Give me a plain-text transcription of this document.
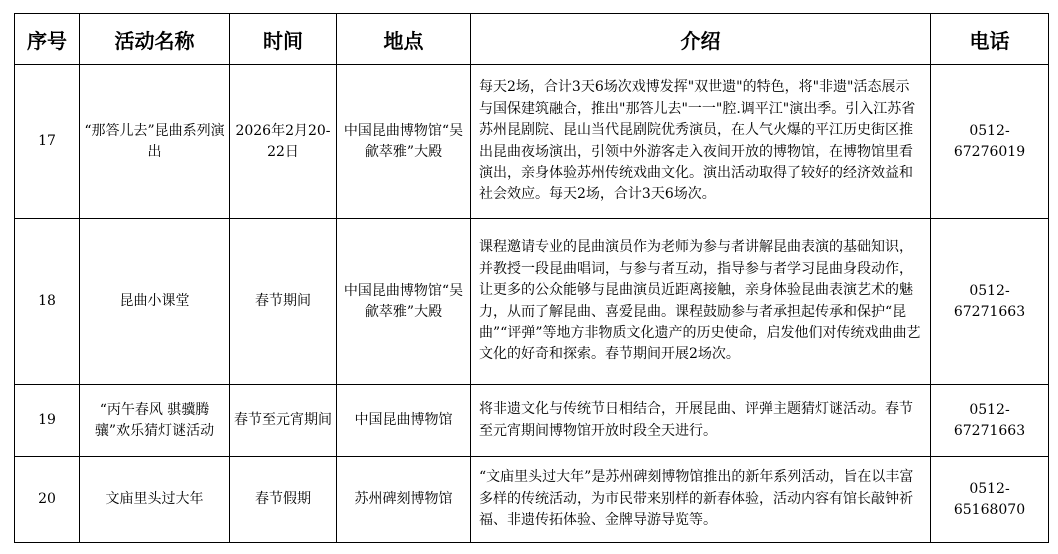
序号	活动名称	时间	地点	介绍	电话
17	“那答儿去”昆曲系列演出	2026年2月20-22日	中国昆曲博物馆“吴歈萃雅”大殿	每天2场，合计3天6场次戏博发挥"双世遗"的特色，将"非遗"活态展示与国保建筑融合，推出"那答儿去"一一"腔.调平江"演出季。引入江苏省苏州昆剧院、昆山当代昆剧院优秀演员，在人气火爆的平江历史街区推出昆曲夜场演出，引领中外游客走入夜间开放的博物馆，在博物馆里看演出，亲身体验苏州传统戏曲文化。演出活动取得了较好的经济效益和社会效应。每天2场，合计3天6场次。	0512-67276019
18	昆曲小课堂	春节期间	中国昆曲博物馆“吴歈萃雅”大殿	课程邀请专业的昆曲演员作为老师为参与者讲解昆曲表演的基础知识，并教授一段昆曲唱词，与参与者互动，指导参与者学习昆曲身段动作，让更多的公众能够与昆曲演员近距离接触，亲身体验昆曲表演艺术的魅力，从而了解昆曲、喜爱昆曲。课程鼓励参与者承担起传承和保护“昆曲”“评弹”等地方非物质文化遗产的历史使命，启发他们对传统戏曲曲艺文化的好奇和探索。春节期间开展2场次。	0512-67271663
19	“丙午春风 骐骥腾骧”欢乐猜灯谜活动	春节至元宵期间	中国昆曲博物馆	将非遗文化与传统节日相结合，开展昆曲、评弹主题猜灯谜活动。春节至元宵期间博物馆开放时段全天进行。	0512-67271663
20	文庙里头过大年	春节假期	苏州碑刻博物馆	“文庙里头过大年”是苏州碑刻博物馆推出的新年系列活动，旨在以丰富多样的传统活动，为市民带来别样的新春体验，活动内容有馆长敲钟祈福、非遗传拓体验、金牌导游导览等。	0512-65168070
